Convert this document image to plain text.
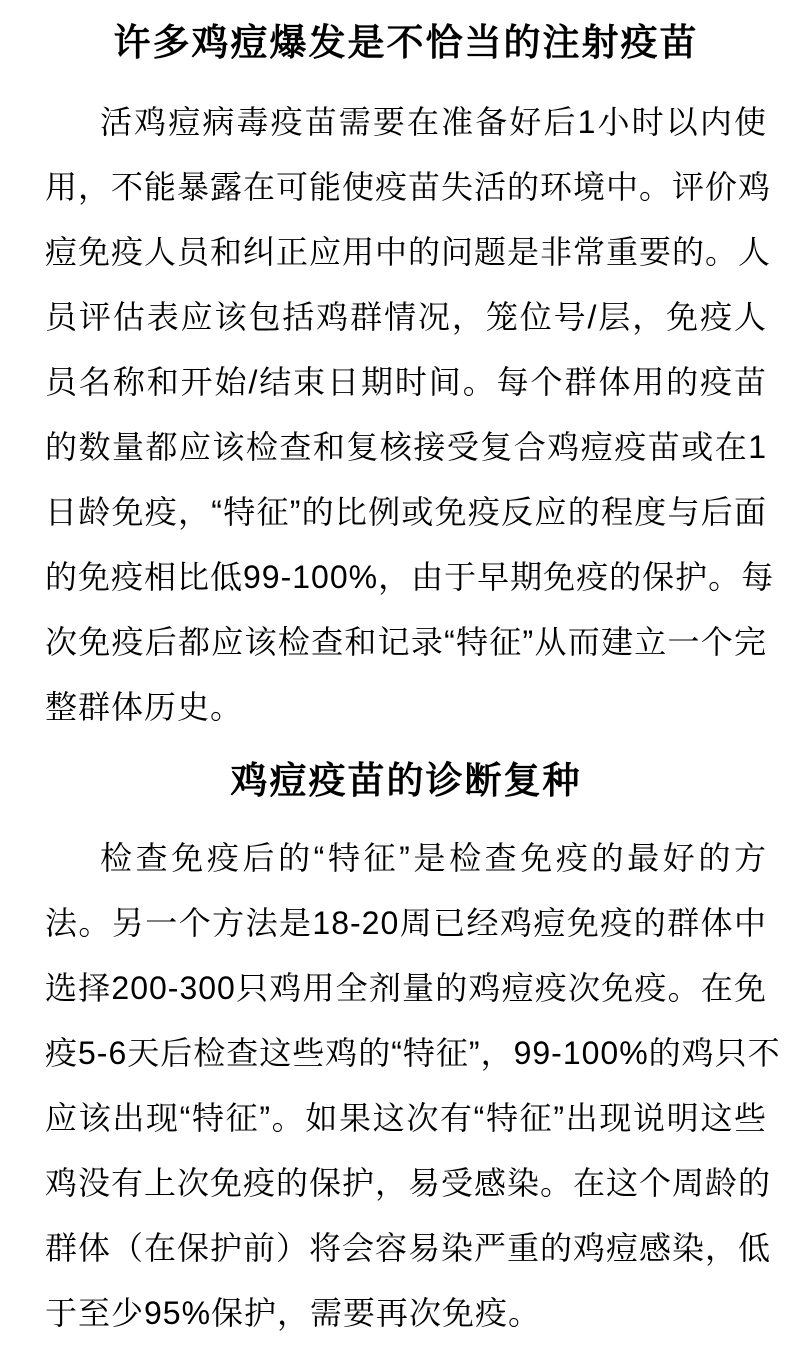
许多鸡痘爆发是不恰当的注射疫苗
活鸡痘病毒疫苗需要在准备好后1小时以内使
用，不能暴露在可能使疫苗失活的环境中。评价鸡
痘免疫人员和纠正应用中的问题是非常重要的。人
员评估表应该包括鸡群情况，笼位号/层，免疫人
员名称和开始/结束日期时间。每个群体用的疫苗
的数量都应该检查和复核接受复合鸡痘疫苗或在1
日龄免疫，“特征”的比例或免疫反应的程度与后面
的免疫相比低99-100%，由于早期免疫的保护。每
次免疫后都应该检查和记录“特征”从而建立一个完
整群体历史。
鸡痘疫苗的诊断复种
检查免疫后的“特征”是检查免疫的最好的方
法。另一个方法是18-20周已经鸡痘免疫的群体中
选择200-300只鸡用全剂量的鸡痘疫次免疫。在免
疫5-6天后检查这些鸡的“特征”，99-100%的鸡只不
应该出现“特征”。如果这次有“特征”出现说明这些
鸡没有上次免疫的保护，易受感染。在这个周龄的
群体（在保护前）将会容易染严重的鸡痘感染，低
于至少95%保护，需要再次免疫。
